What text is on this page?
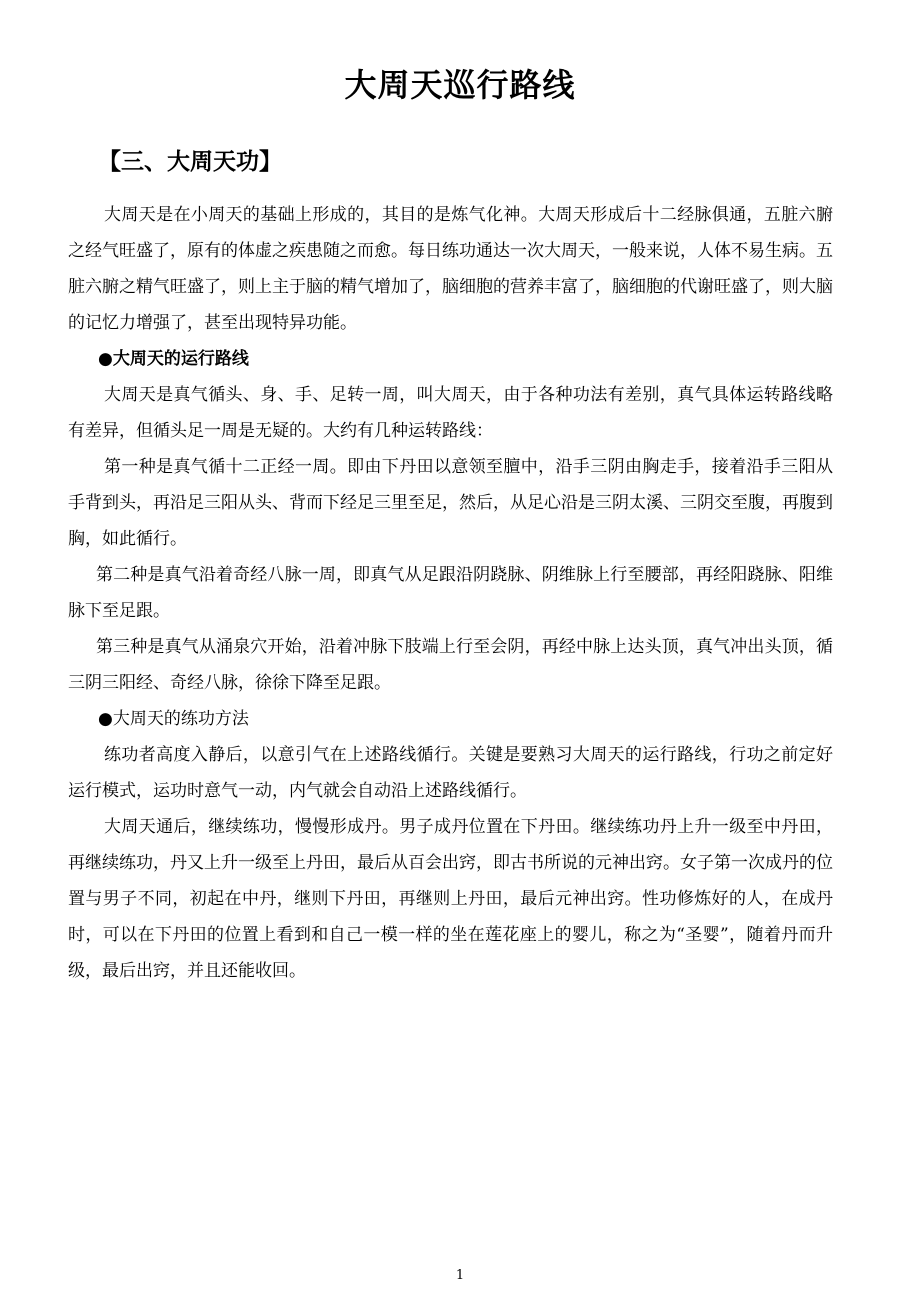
大周天巡行路线
【三、大周天功】

大周天是在小周天的基础上形成的，其目的是炼气化神。大周天形成后十二经脉俱通，五脏六腑之经气旺盛了，原有的体虚之疾患随之而愈。每日练功通达一次大周天，一般来说，人体不易生病。五脏六腑之精气旺盛了，则上主于脑的精气增加了，脑细胞的营养丰富了，脑细胞的代谢旺盛了，则大脑的记忆力增强了，甚至出现特异功能。

●大周天的运行路线

大周天是真气循头、身、手、足转一周，叫大周天，由于各种功法有差别，真气具体运转路线略有差异，但循头足一周是无疑的。大约有几种运转路线：

第一种是真气循十二正经一周。即由下丹田以意领至膻中，沿手三阴由胸走手，接着沿手三阳从手背到头，再沿足三阳从头、背而下经足三里至足，然后，从足心沿是三阴太溪、三阴交至腹，再腹到胸，如此循行。

第二种是真气沿着奇经八脉一周，即真气从足跟沿阴跷脉、阴维脉上行至腰部，再经阳跷脉、阳维脉下至足跟。

第三种是真气从涌泉穴开始，沿着冲脉下肢端上行至会阴，再经中脉上达头顶，真气冲出头顶，循三阴三阳经、奇经八脉，徐徐下降至足跟。

●大周天的练功方法

练功者高度入静后，以意引气在上述路线循行。关键是要熟习大周天的运行路线，行功之前定好运行模式，运功时意气一动，内气就会自动沿上述路线循行。

大周天通后，继续练功，慢慢形成丹。男子成丹位置在下丹田。继续练功丹上升一级至中丹田，再继续练功，丹又上升一级至上丹田，最后从百会出窍，即古书所说的元神出窍。女子第一次成丹的位置与男子不同，初起在中丹，继则下丹田，再继则上丹田，最后元神出窍。性功修炼好的人，在成丹时，可以在下丹田的位置上看到和自己一模一样的坐在莲花座上的婴儿，称之为“圣婴”，随着丹而升级，最后出窍，并且还能收回。

1
